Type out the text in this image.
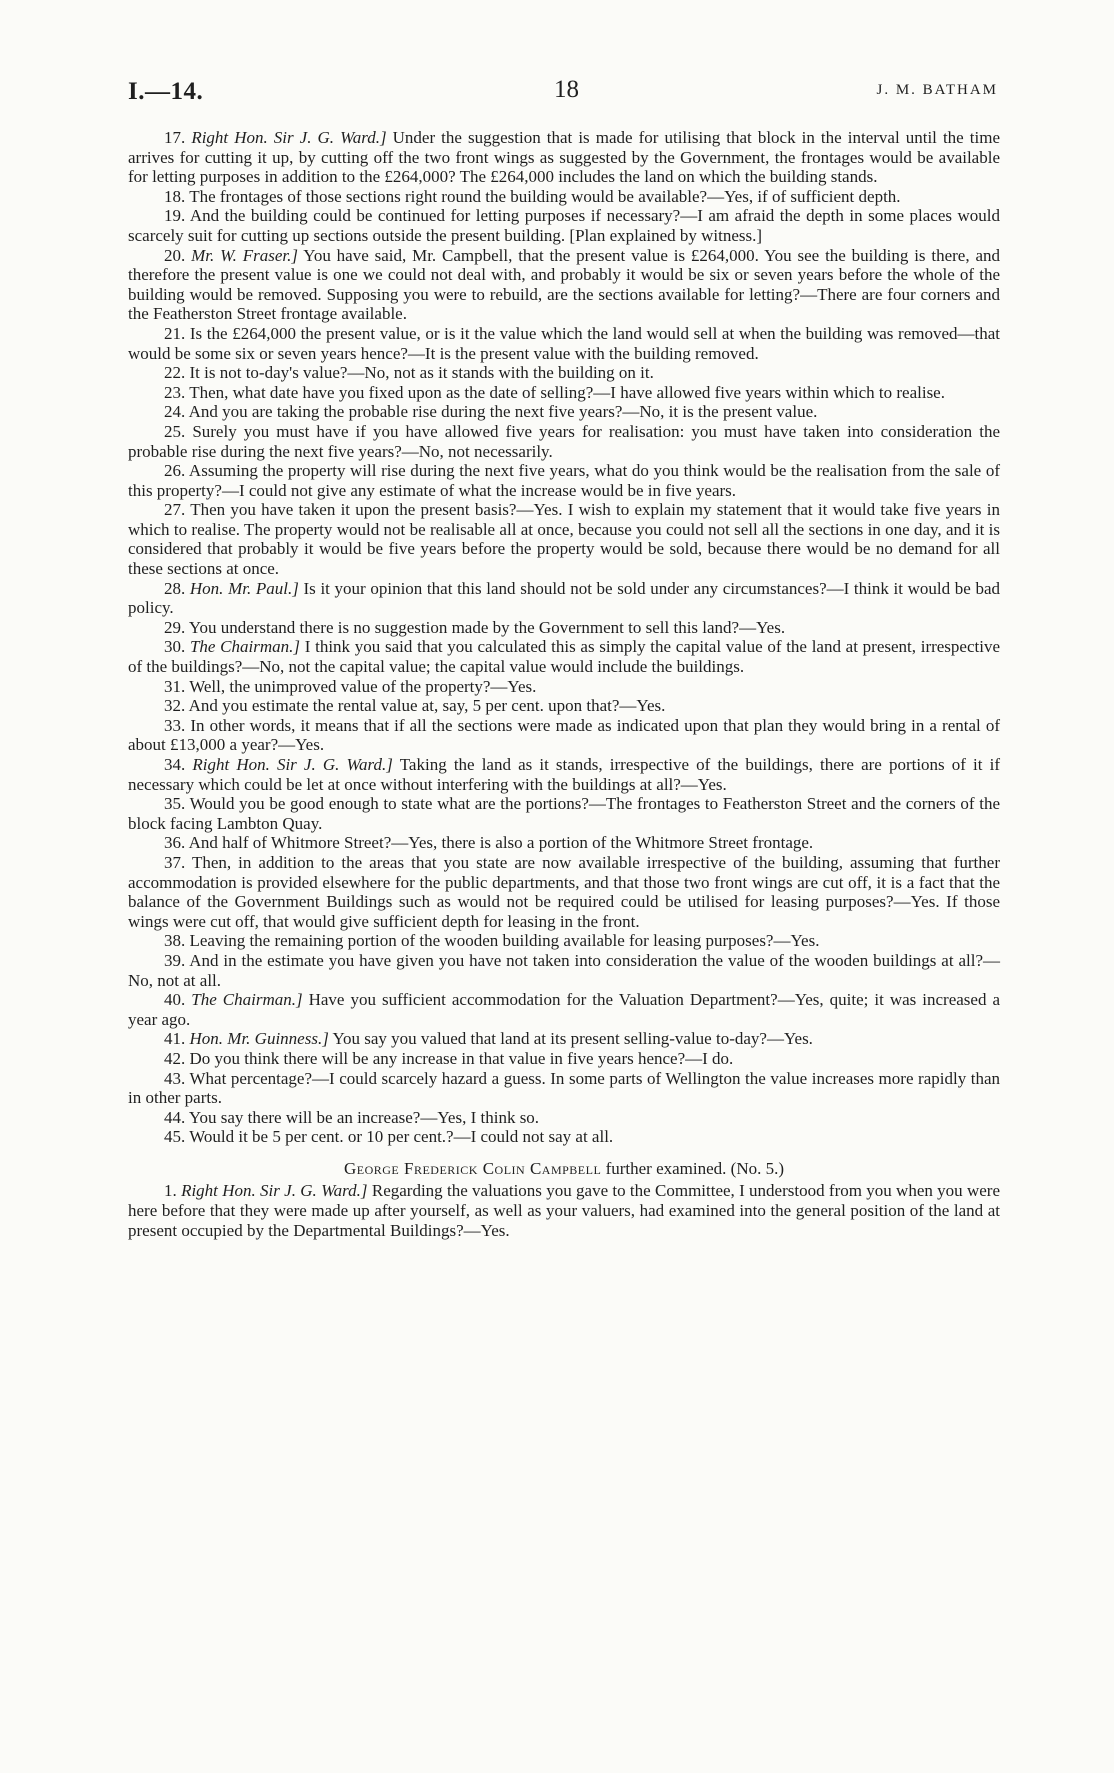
I.—14.	18	J. M. BATHAM

17. Right Hon. Sir J. G. Ward.] Under the suggestion that is made for utilising that block in the interval until the time arrives for cutting it up, by cutting off the two front wings as suggested by the Government, the frontages would be available for letting purposes in addition to the £264,000? The £264,000 includes the land on which the building stands.

18. The frontages of those sections right round the building would be available?—Yes, if of sufficient depth.

19. And the building could be continued for letting purposes if necessary?—I am afraid the depth in some places would scarcely suit for cutting up sections outside the present building. [Plan explained by witness.]

20. Mr. W. Fraser.] You have said, Mr. Campbell, that the present value is £264,000. You see the building is there, and therefore the present value is one we could not deal with, and probably it would be six or seven years before the whole of the building would be removed. Supposing you were to rebuild, are the sections available for letting?—There are four corners and the Featherston Street frontage available.

21. Is the £264,000 the present value, or is it the value which the land would sell at when the building was removed—that would be some six or seven years hence?—It is the present value with the building removed.

22. It is not to-day's value?—No, not as it stands with the building on it.

23. Then, what date have you fixed upon as the date of selling?—I have allowed five years within which to realise.

24. And you are taking the probable rise during the next five years?—No, it is the present value.

25. Surely you must have if you have allowed five years for realisation: you must have taken into consideration the probable rise during the next five years?—No, not necessarily.

26. Assuming the property will rise during the next five years, what do you think would be the realisation from the sale of this property?—I could not give any estimate of what the increase would be in five years.

27. Then you have taken it upon the present basis?—Yes. I wish to explain my statement that it would take five years in which to realise. The property would not be realisable all at once, because you could not sell all the sections in one day, and it is considered that probably it would be five years before the property would be sold, because there would be no demand for all these sections at once.

28. Hon. Mr. Paul.] Is it your opinion that this land should not be sold under any circumstances?—I think it would be bad policy.

29. You understand there is no suggestion made by the Government to sell this land?—Yes.

30. The Chairman.] I think you said that you calculated this as simply the capital value of the land at present, irrespective of the buildings?—No, not the capital value; the capital value would include the buildings.

31. Well, the unimproved value of the property?—Yes.

32. And you estimate the rental value at, say, 5 per cent. upon that?—Yes.

33. In other words, it means that if all the sections were made as indicated upon that plan they would bring in a rental of about £13,000 a year?—Yes.

34. Right Hon. Sir J. G. Ward.] Taking the land as it stands, irrespective of the buildings, there are portions of it if necessary which could be let at once without interfering with the buildings at all?—Yes.

35. Would you be good enough to state what are the portions?—The frontages to Featherston Street and the corners of the block facing Lambton Quay.

36. And half of Whitmore Street?—Yes, there is also a portion of the Whitmore Street frontage.

37. Then, in addition to the areas that you state are now available irrespective of the building, assuming that further accommodation is provided elsewhere for the public departments, and that those two front wings are cut off, it is a fact that the balance of the Government Buildings such as would not be required could be utilised for leasing purposes?—Yes. If those wings were cut off, that would give sufficient depth for leasing in the front.

38. Leaving the remaining portion of the wooden building available for leasing purposes?—Yes.

39. And in the estimate you have given you have not taken into consideration the value of the wooden buildings at all?—No, not at all.

40. The Chairman.] Have you sufficient accommodation for the Valuation Department?—Yes, quite; it was increased a year ago.

41. Hon. Mr. Guinness.] You say you valued that land at its present selling-value to-day?—Yes.

42. Do you think there will be any increase in that value in five years hence?—I do.

43. What percentage?—I could scarcely hazard a guess. In some parts of Wellington the value increases more rapidly than in other parts.

44. You say there will be an increase?—Yes, I think so.

45. Would it be 5 per cent. or 10 per cent.?—I could not say at all.

George Frederick Colin Campbell further examined. (No. 5.)

1. Right Hon. Sir J. G. Ward.] Regarding the valuations you gave to the Committee, I understood from you when you were here before that they were made up after yourself, as well as your valuers, had examined into the general position of the land at present occupied by the Departmental Buildings?—Yes.
